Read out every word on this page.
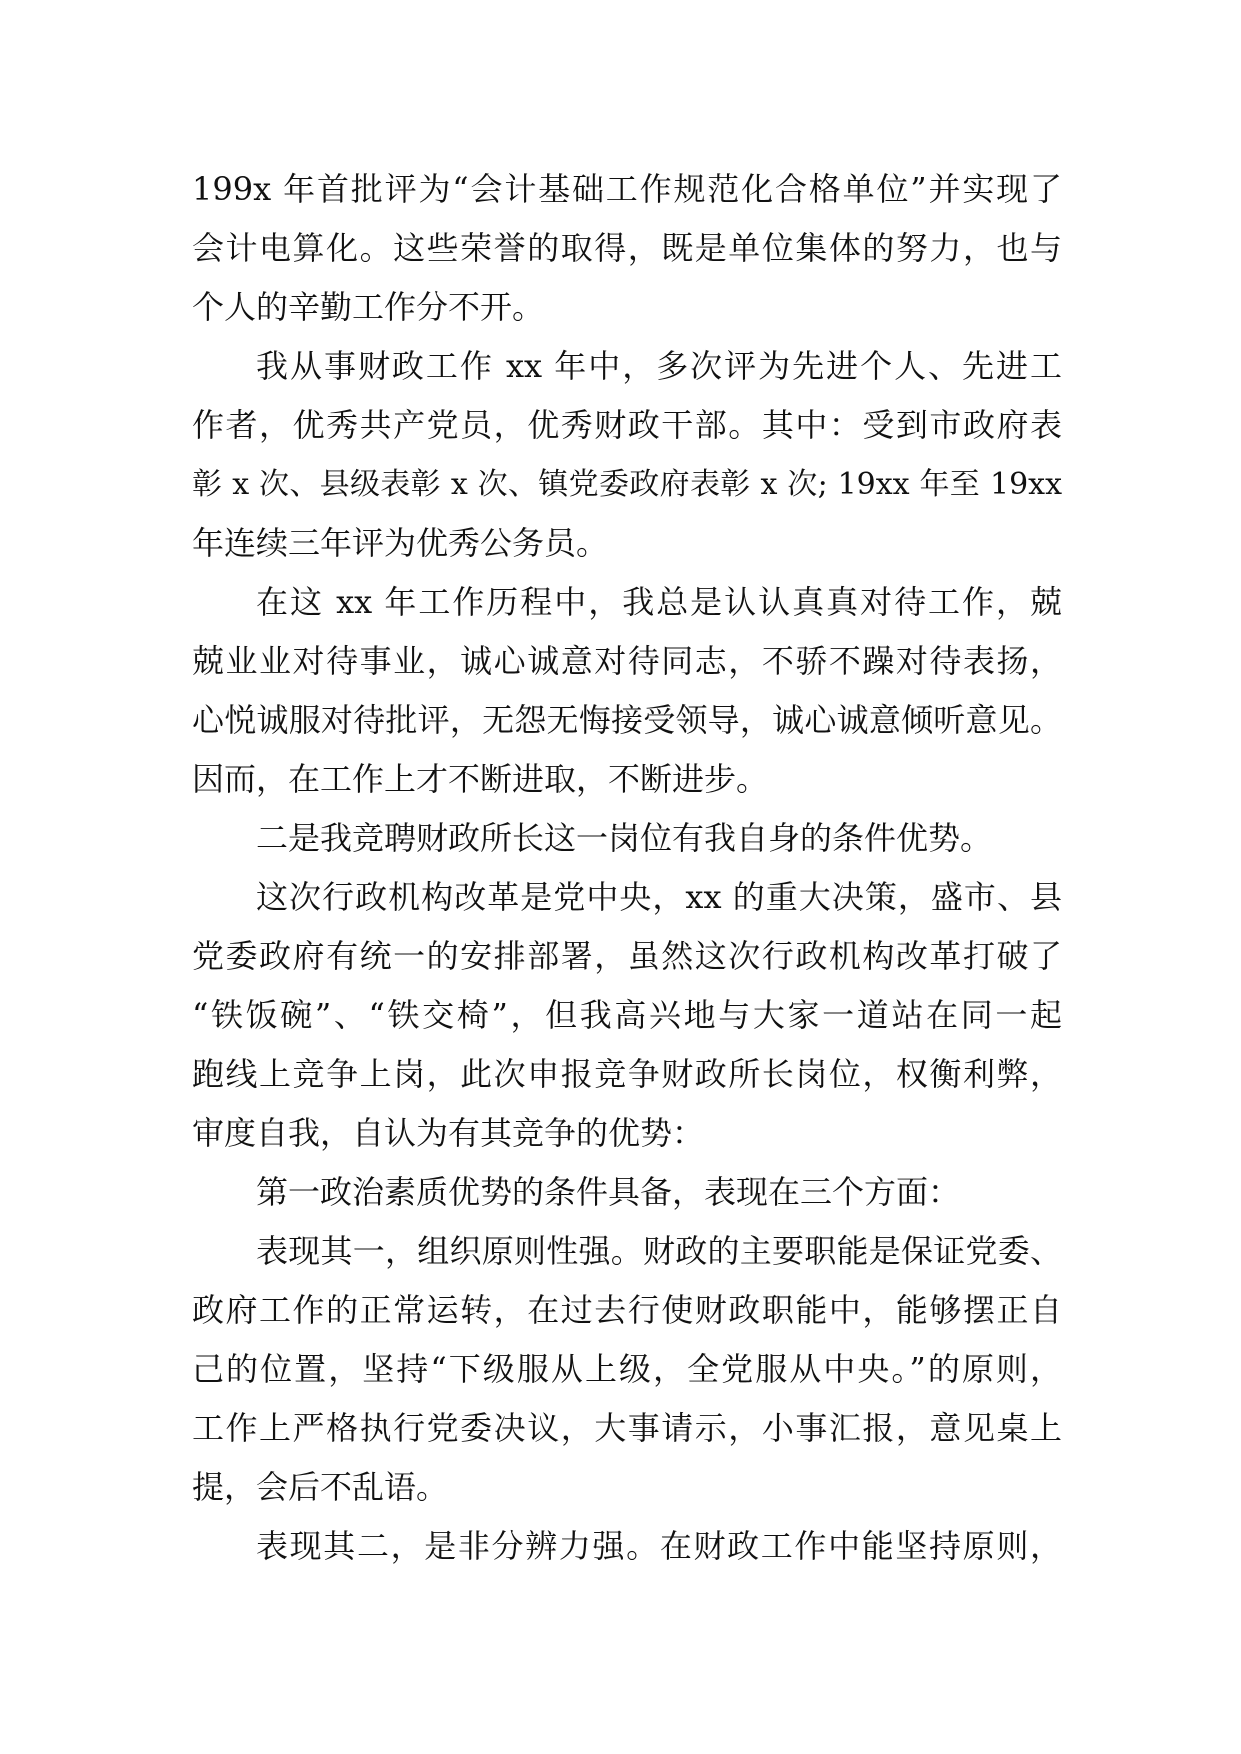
199x 年首批评为“会计基础工作规范化合格单位”并实现了
会计电算化。这些荣誉的取得，既是单位集体的努力，也与
个人的辛勤工作分不开。
我从事财政工作 xx 年中，多次评为先进个人、先进工
作者，优秀共产党员，优秀财政干部。其中：受到市政府表
彰 x 次、县级表彰 x 次、镇党委政府表彰 x 次; 19xx 年至 19xx
年连续三年评为优秀公务员。
在这 xx 年工作历程中，我总是认认真真对待工作，兢
兢业业对待事业，诚心诚意对待同志，不骄不躁对待表扬，
心悦诚服对待批评，无怨无悔接受领导，诚心诚意倾听意见。
因而，在工作上才不断进取，不断进步。
二是我竞聘财政所长这一岗位有我自身的条件优势。
这次行政机构改革是党中央，xx 的重大决策，盛市、县
党委政府有统一的安排部署，虽然这次行政机构改革打破了
“铁饭碗”、“铁交椅”，但我高兴地与大家一道站在同一起
跑线上竞争上岗，此次申报竞争财政所长岗位，权衡利弊，
审度自我，自认为有其竞争的优势：
第一政治素质优势的条件具备，表现在三个方面：
表现其一，组织原则性强。财政的主要职能是保证党委、
政府工作的正常运转，在过去行使财政职能中，能够摆正自
己的位置，坚持“下级服从上级，全党服从中央。”的原则，
工作上严格执行党委决议，大事请示，小事汇报，意见桌上
提，会后不乱语。
表现其二，是非分辨力强。在财政工作中能坚持原则，
